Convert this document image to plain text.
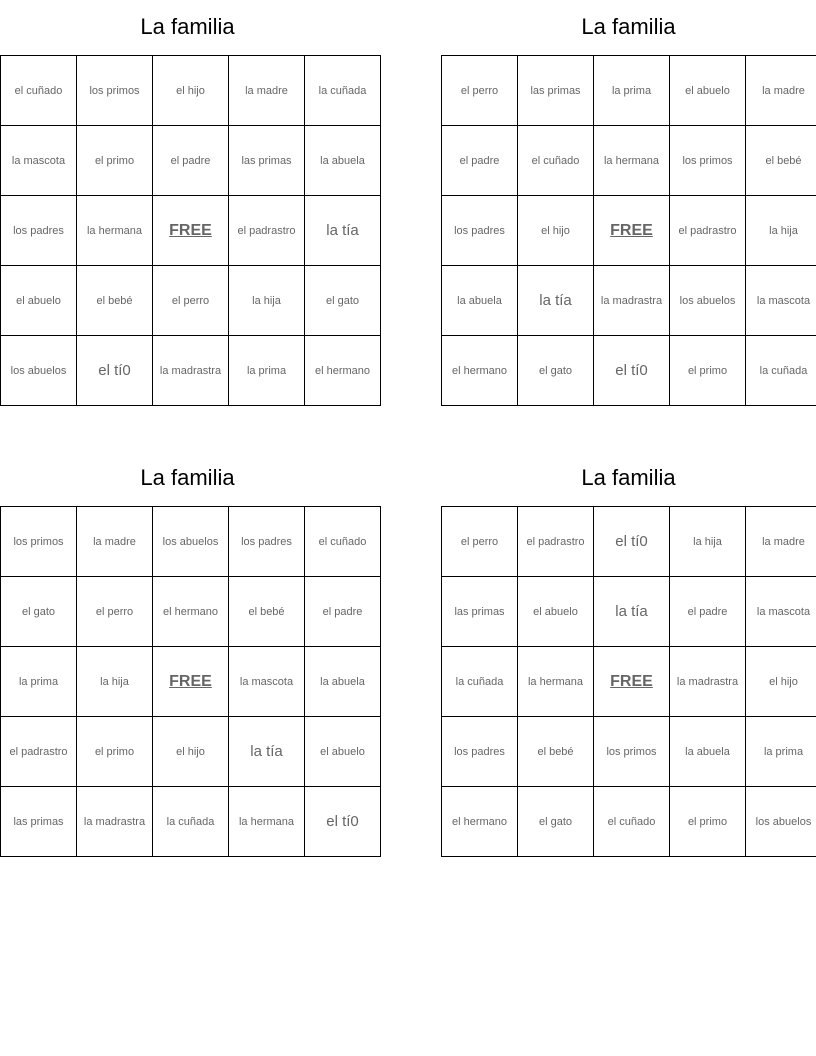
La familia
el cuñado	los primos	el hijo	la madre	la cuñada
la mascota	el primo	el padre	las primas	la abuela
los padres	la hermana	FREE	el padrastro	la tía
el abuelo	el bebé	el perro	la hija	el gato
los abuelos	el tí0	la madrastra	la prima	el hermano
La familia
el perro	las primas	la prima	el abuelo	la madre
el padre	el cuñado	la hermana	los primos	el bebé
los padres	el hijo	FREE	el padrastro	la hija
la abuela	la tía	la madrastra	los abuelos	la mascota
el hermano	el gato	el tí0	el primo	la cuñada
La familia
los primos	la madre	los abuelos	los padres	el cuñado
el gato	el perro	el hermano	el bebé	el padre
la prima	la hija	FREE	la mascota	la abuela
el padrastro	el primo	el hijo	la tía	el abuelo
las primas	la madrastra	la cuñada	la hermana	el tí0
La familia
el perro	el padrastro	el tí0	la hija	la madre
las primas	el abuelo	la tía	el padre	la mascota
la cuñada	la hermana	FREE	la madrastra	el hijo
los padres	el bebé	los primos	la abuela	la prima
el hermano	el gato	el cuñado	el primo	los abuelos
